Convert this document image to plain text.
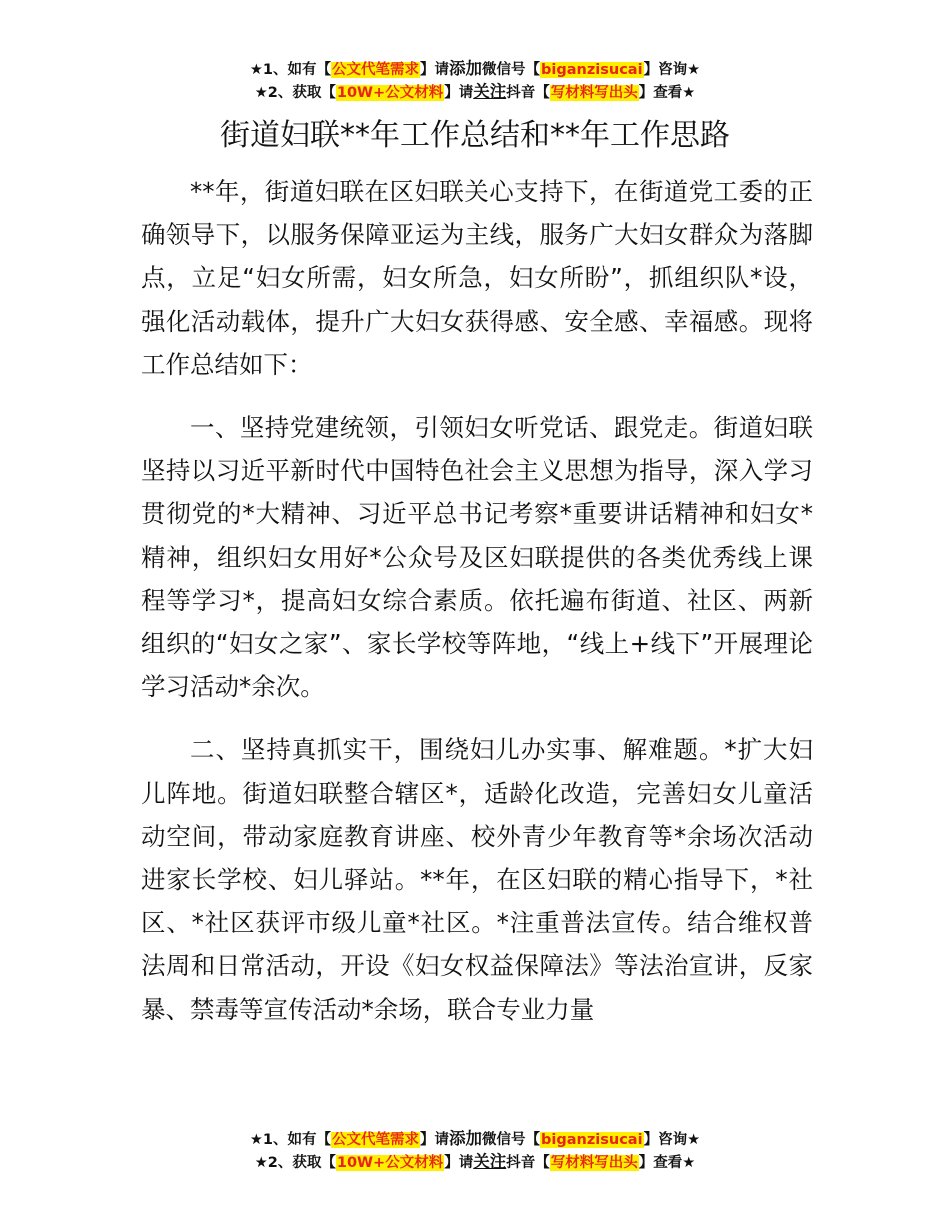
★1、如有【公文代笔需求】请添加微信号【biganzisucai】咨询★
★2、获取【10W+公文材料】请关注抖音【写材料写出头】查看★
街道妇联**年工作总结和**年工作思路

**年，街道妇联在区妇联关心支持下，在街道党工委的正确领导下，以服务保障亚运为主线，服务广大妇女群众为落脚点，立足“妇女所需，妇女所急，妇女所盼”，抓组织队*设，强化活动载体，提升广大妇女获得感、安全感、幸福感。现将工作总结如下：

一、坚持党建统领，引领妇女听党话、跟党走。街道妇联坚持以习近平新时代中国特色社会主义思想为指导，深入学习贯彻党的*大精神、习近平总书记考察*重要讲话精神和妇女*精神，组织妇女用好*公众号及区妇联提供的各类优秀线上课程等学习*，提高妇女综合素质。依托遍布街道、社区、两新组织的“妇女之家”、家长学校等阵地，“线上+线下”开展理论学习活动*余次。

二、坚持真抓实干，围绕妇儿办实事、解难题。*扩大妇儿阵地。街道妇联整合辖区*，适龄化改造，完善妇女儿童活动空间，带动家庭教育讲座、校外青少年教育等*余场次活动进家长学校、妇儿驿站。**年，在区妇联的精心指导下，*社区、*社区获评市级儿童*社区。*注重普法宣传。结合维权普法周和日常活动，开设《妇女权益保障法》等法治宣讲，反家暴、禁毒等宣传活动*余场，联合专业力量

★1、如有【公文代笔需求】请添加微信号【biganzisucai】咨询★
★2、获取【10W+公文材料】请关注抖音【写材料写出头】查看★
